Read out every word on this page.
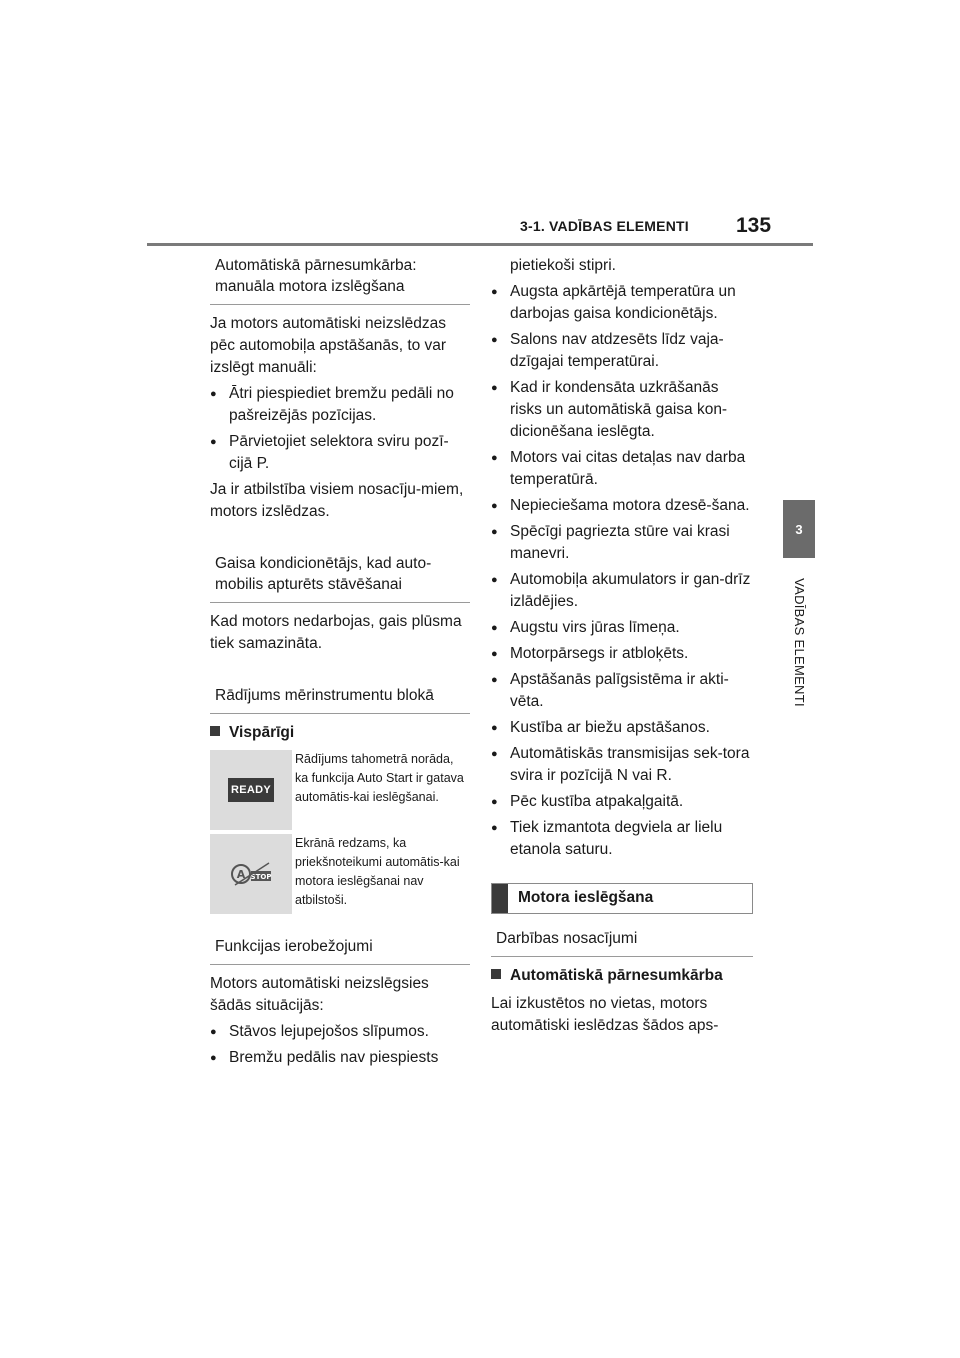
3-1. VADĪBAS ELEMENTI 135
3
VADĪBAS ELEMENTI
Automātiskā pārnesumkārba: manuāla motora izslēgšana
Ja motors automātiski neizslēdzas pēc automobiļa apstāšanās, to var izslēgt manuāli:
● Ātri piespiediet bremžu pedāli no pašreizējās pozīcijas.
● Pārvietojiet selektora sviru pozī-cijā P.
Ja ir atbilstība visiem nosacīju-miem, motors izslēdzas.
Gaisa kondicionētājs, kad auto-mobilis apturēts stāvēšanai
Kad motors nedarbojas, gais plūsma tiek samazināta.
Rādījums mērinstrumentu blokā
Vispārīgi
READY
Rādījums tahometrā norāda, ka funkcija Auto Start ir gatava automātis-kai ieslēgšanai.
A STOP
Ekrānā redzams, ka priekšnoteikumi automātis-kai motora ieslēgšanai nav atbilstoši.
Funkcijas ierobežojumi
Motors automātiski neizslēgsies šādās situācijās:
● Stāvos lejupejošos slīpumos.
● Bremžu pedālis nav piespiests
pietiekoši stipri.
● Augsta apkārtējā temperatūra un darbojas gaisa kondicionētājs.
● Salons nav atdzesēts līdz vaja-dzīgajai temperatūrai.
● Kad ir kondensāta uzkrāšanās risks un automātiskā gaisa kon-dicionēšana ieslēgta.
● Motors vai citas detaļas nav darba temperatūrā.
● Nepieciešama motora dzesē-šana.
● Spēcīgi pagriezta stūre vai krasi manevri.
● Automobiļa akumulators ir gan-drīz izlādējies.
● Augstu virs jūras līmeņa.
● Motorpārsegs ir atbloķēts.
● Apstāšanās palīgsistēma ir akti-vēta.
● Kustība ar biežu apstāšanos.
● Automātiskās transmisijas sek-tora svira ir pozīcijā N vai R.
● Pēc kustība atpakaļgaitā.
● Tiek izmantota degviela ar lielu etanola saturu.
Motora ieslēgšana
Darbības nosacījumi
Automātiskā pārnesumkārba
Lai izkustētos no vietas, motors automātiski ieslēdzas šādos aps-
